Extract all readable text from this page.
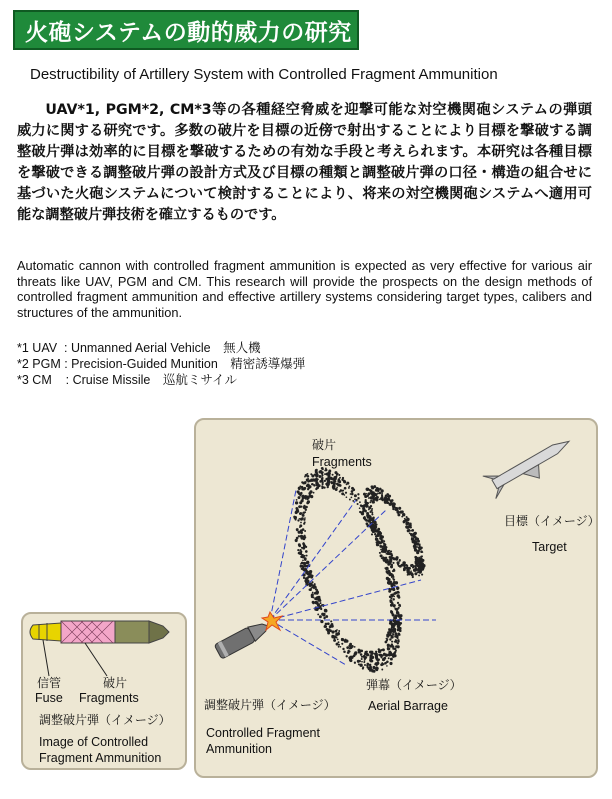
火砲システムの動的威力の研究
Destructibility of Artillery System with Controlled Fragment Ammunition
UAV*1, PGM*2, CM*3等の各種経空脅威を迎撃可能な対空機関砲システムの弾頭威力に関する研究です。多数の破片を目標の近傍で射出することにより目標を撃破する調整破片弾は効率的に目標を撃破するための有効な手段と考えられます。本研究は各種目標を撃破できる調整破片弾の設計方式及び目標の種類と調整破片弾の口径・構造の組合せに基づいた火砲システムについて検討することにより、将来の対空機関砲システムへ適用可能な調整破片弾技術を確立するものです。
Automatic cannon with controlled fragment ammunition is expected as very effective for various air threats like UAV, PGM and CM. This research will provide the prospects on the design methods of controlled fragment ammunition and effective artillery systems considering target types, calibers and structures of the ammunition.
*1 UAV  : Unmanned Aerial Vehicle　無人機
*2 PGM : Precision-Guided Munition　精密誘導爆弾
*3 CM    : Cruise Missile　巡航ミサイル
破片
Fragments
目標（イメージ）
Target
弾幕（イメージ）
Aerial Barrage
調整破片弾（イメージ）
Controlled Fragment
Ammunition
信管
Fuse
破片
Fragments
調整破片弾（イメージ）
Image of Controlled
Fragment Ammunition
